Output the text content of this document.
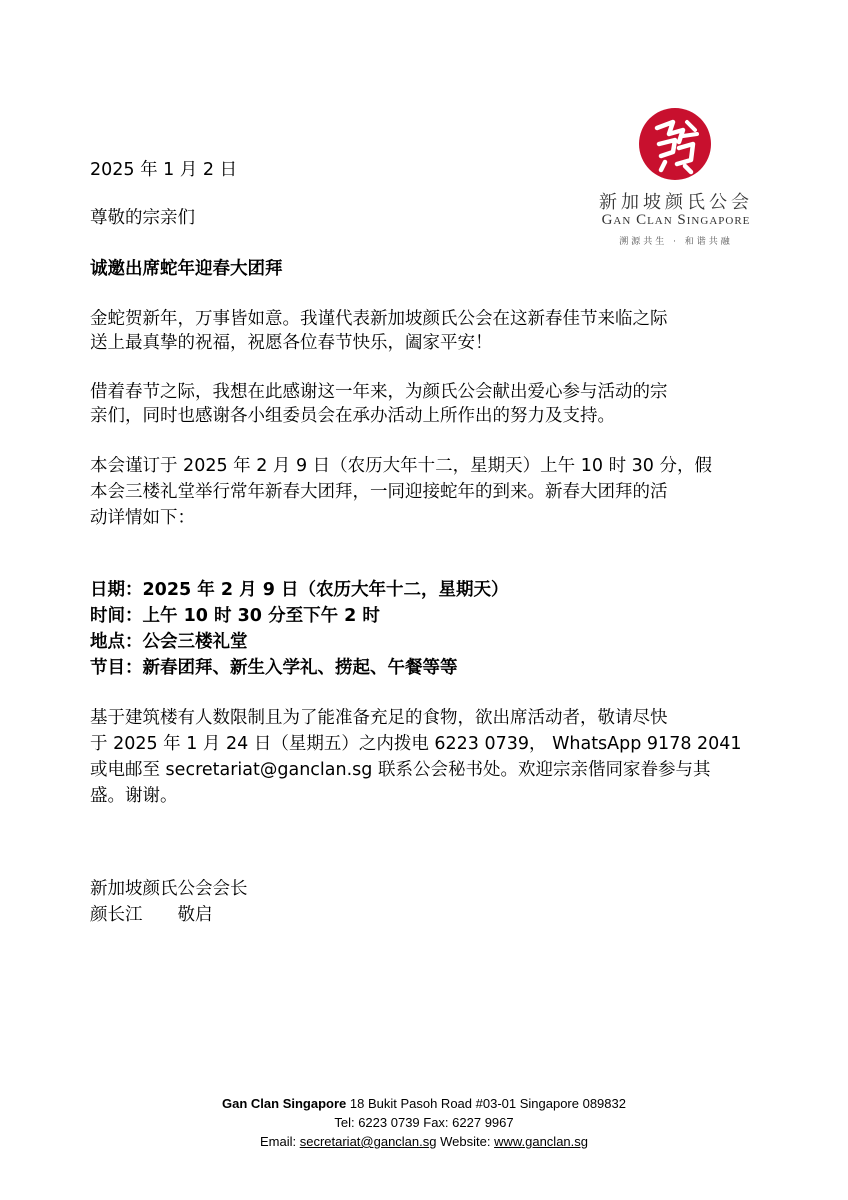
新加坡颜氏公会
Gan Clan Singapore
溯源共生 · 和谐共融
2025 年 1 月 2 日
尊敬的宗亲们
诚邀出席蛇年迎春大团拜
金蛇贺新年，万事皆如意。我谨代表新加坡颜氏公会在这新春佳节来临之际
送上最真挚的祝福，祝愿各位春节快乐，阖家平安！
借着春节之际，我想在此感谢这一年来，为颜氏公会献出爱心参与活动的宗
亲们，同时也感谢各小组委员会在承办活动上所作出的努力及支持。
本会谨订于 2025 年 2 月 9 日（农历大年十二，星期天）上午 10 时 30 分，假
本会三楼礼堂举行常年新春大团拜，一同迎接蛇年的到来。新春大团拜的活
动详情如下：
日期：2025 年 2 月 9 日（农历大年十二，星期天）
时间：上午 10 时 30 分至下午 2 时
地点：公会三楼礼堂
节目：新春团拜、新生入学礼、捞起、午餐等等
基于建筑楼有人数限制且为了能准备充足的食物，欲出席活动者，敬请尽快
于 2025 年 1 月 24 日（星期五）之内拨电 6223 0739， WhatsApp 9178 2041
或电邮至 secretariat@ganclan.sg 联系公会秘书处。欢迎宗亲偕同家眷参与其
盛。谢谢。
新加坡颜氏公会会长
颜长江　　敬启
Gan Clan Singapore 18 Bukit Pasoh Road #03-01 Singapore 089832
Tel: 6223 0739 Fax: 6227 9967
Email: secretariat@ganclan.sg Website: www.ganclan.sg
